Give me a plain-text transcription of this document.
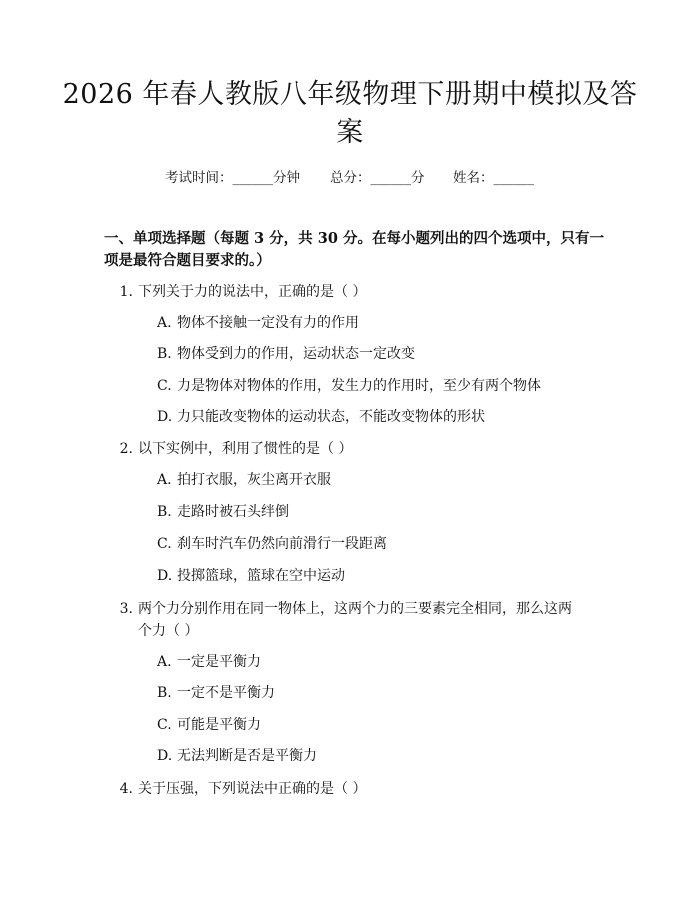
2026 年春人教版八年级物理下册期中模拟及答案
考试时间：______分钟 总分：______分 姓名：______
一、单项选择题（每题 3 分，共 30 分。在每小题列出的四个选项中，只有一项是最符合题目要求的。）
1. 下列关于力的说法中，正确的是（ ）
A. 物体不接触一定没有力的作用
B. 物体受到力的作用，运动状态一定改变
C. 力是物体对物体的作用，发生力的作用时，至少有两个物体
D. 力只能改变物体的运动状态，不能改变物体的形状
2. 以下实例中，利用了惯性的是（ ）
A. 拍打衣服，灰尘离开衣服
B. 走路时被石头绊倒
C. 刹车时汽车仍然向前滑行一段距离
D. 投掷篮球，篮球在空中运动
3. 两个力分别作用在同一物体上，这两个力的三要素完全相同，那么这两个力（ ）
A. 一定是平衡力
B. 一定不是平衡力
C. 可能是平衡力
D. 无法判断是否是平衡力
4. 关于压强，下列说法中正确的是（ ）
